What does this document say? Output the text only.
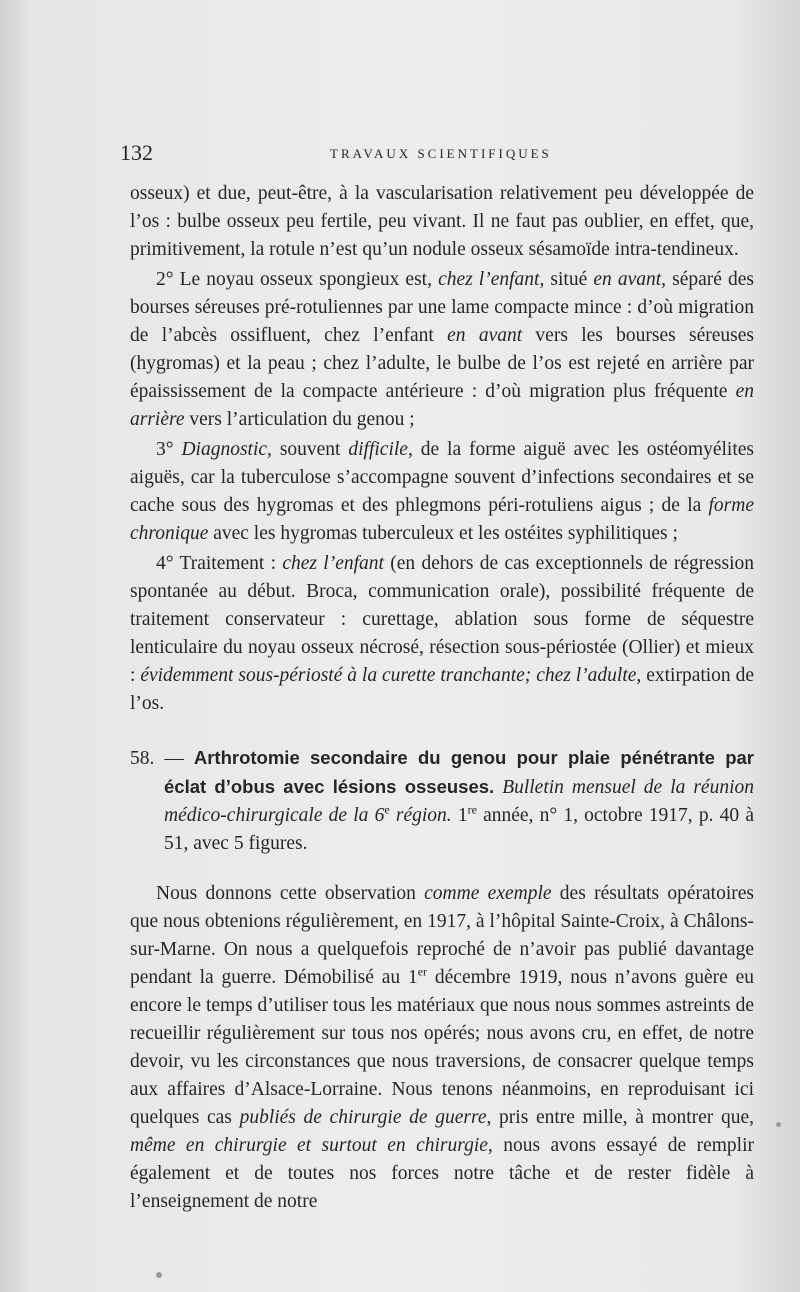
132	TRAVAUX SCIENTIFIQUES

osseux) et due, peut-être, à la vascularisation relativement peu développée de l’os : bulbe osseux peu fertile, peu vivant. Il ne faut pas oublier, en effet, que, primitivement, la rotule n’est qu’un nodule osseux sésamoïde intra-tendineux.

2° Le noyau osseux spongieux est, chez l’enfant, situé en avant, séparé des bourses séreuses pré-rotuliennes par une lame compacte mince : d’où migration de l’abcès ossifluent, chez l’enfant en avant vers les bourses séreuses (hygromas) et la peau ; chez l’adulte, le bulbe de l’os est rejeté en arrière par épaississement de la compacte antérieure : d’où migration plus fréquente en arrière vers l’articulation du genou ;

3° Diagnostic, souvent difficile, de la forme aiguë avec les ostéomyélites aiguës, car la tuberculose s’accompagne souvent d’infections secondaires et se cache sous des hygromas et des phlegmons péri-rotuliens aigus ; de la forme chronique avec les hygromas tuberculeux et les ostéites syphilitiques ;

4° Traitement : chez l’enfant (en dehors de cas exceptionnels de régression spontanée au début. Broca, communication orale), possibilité fréquente de traitement conservateur : curettage, ablation sous forme de séquestre lenticulaire du noyau osseux nécrosé, résection sous-périostée (Ollier) et mieux : évidemment sous-périosté à la curette tranchante; chez l’adulte, extirpation de l’os.

58. — Arthrotomie secondaire du genou pour plaie pénétrante par éclat d’obus avec lésions osseuses. Bulletin mensuel de la réunion médico-chirurgicale de la 6e région. 1re année, n° 1, octobre 1917, p. 40 à 51, avec 5 figures.

Nous donnons cette observation comme exemple des résultats opératoires que nous obtenions régulièrement, en 1917, à l’hôpital Sainte-Croix, à Châlons-sur-Marne. On nous a quelquefois reproché de n’avoir pas publié davantage pendant la guerre. Démobilisé au 1er décembre 1919, nous n’avons guère eu encore le temps d’utiliser tous les matériaux que nous nous sommes astreints de recueillir régulièrement sur tous nos opérés; nous avons cru, en effet, de notre devoir, vu les circonstances que nous traversions, de consacrer quelque temps aux affaires d’Alsace-Lorraine. Nous tenons néanmoins, en reproduisant ici quelques cas publiés de chirurgie de guerre, pris entre mille, à montrer que, même en chirurgie et surtout en chirurgie, nous avons essayé de remplir également et de toutes nos forces notre tâche et de rester fidèle à l’enseignement de notre
